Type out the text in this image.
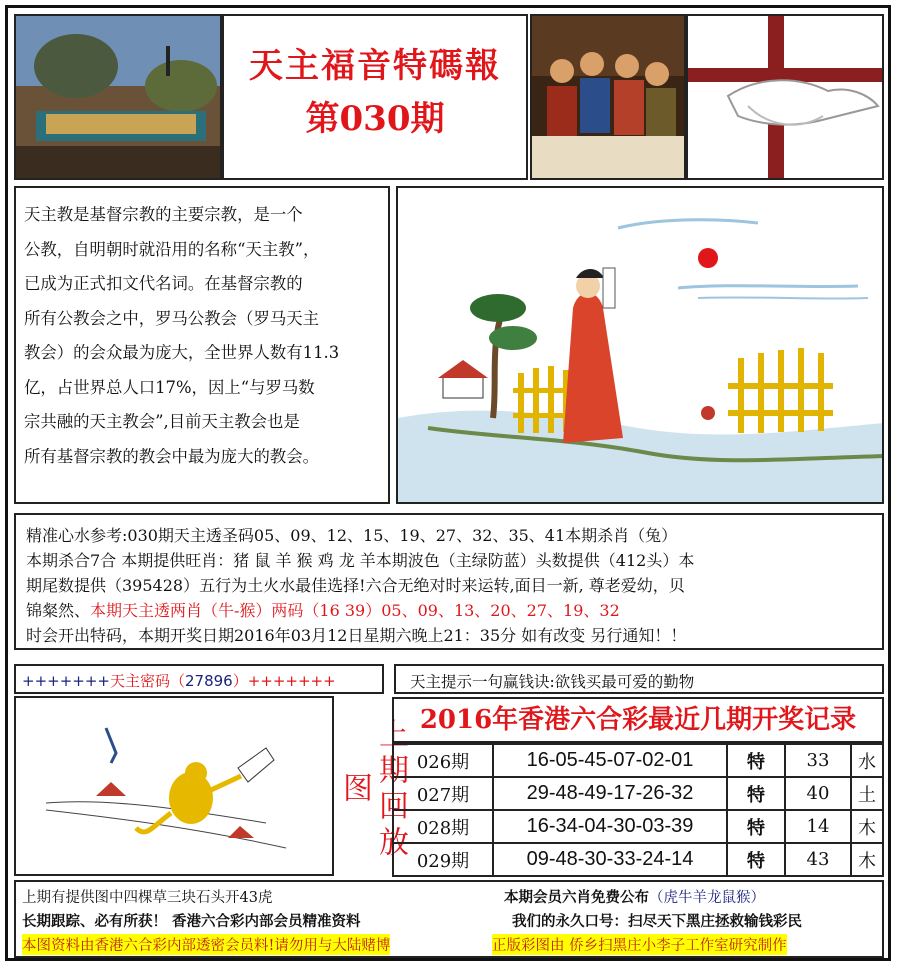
天主福音特碼報
第030期

天主教是基督宗教的主要宗教，是一个

公教，自明朝时就沿用的名称“天主教”，

已成为正式扣文代名词。在基督宗教的

所有公教会之中，罗马公教会（罗马天主

教会）的会众最为庞大，全世界人数有11.3

亿，占世界总人口17%，因上“与罗马数

宗共融的天主教会”,目前天主教会也是

所有基督宗教的教会中最为庞大的教会。

精准心水参考:030期天主透圣码05、09、12、15、19、27、32、35、41本期杀肖（兔）
本期杀合7合 本期提供旺肖：猪 鼠 羊 猴 鸡 龙 羊本期波色（主绿防蓝）头数提供（412头）本
期尾数提供（395428）五行为土火水最佳选择!六合无绝对时来运转,面目一新, 尊老爱幼，贝
锦粲然、本期天主透两肖（牛-猴）两码（16 39）05、09、13、20、27、19、32
时会开出特码，本期开奖日期2016年03月12日星期六晚上21：35分 如有改变 另行通知！！
+++++++天主密码（27896）+++++++	天主提示一句赢钱诀:欲钱买最可爱的勤物
上期回放图
2016年香港六合彩最近几期开奖记录
026期	16-05-45-07-02-01	特	33	水
027期	29-48-49-17-26-32	特	40	土
028期	16-34-04-30-03-39	特	14	木
029期	09-48-30-33-24-14	特	43	木
上期有提供图中四棵草三块石头开43虎	本期会员六肖免费公布（虎牛羊龙鼠猴）
长期跟踪、必有所获！ 香港六合彩内部会员精准资料	我们的永久口号：扫尽天下黑庄拯救输钱彩民
本图资料由香港六合彩内部透密会员料!请勿用与大陆赌博	正版彩图由 侨乡扫黑庄小李子工作室研究制作
